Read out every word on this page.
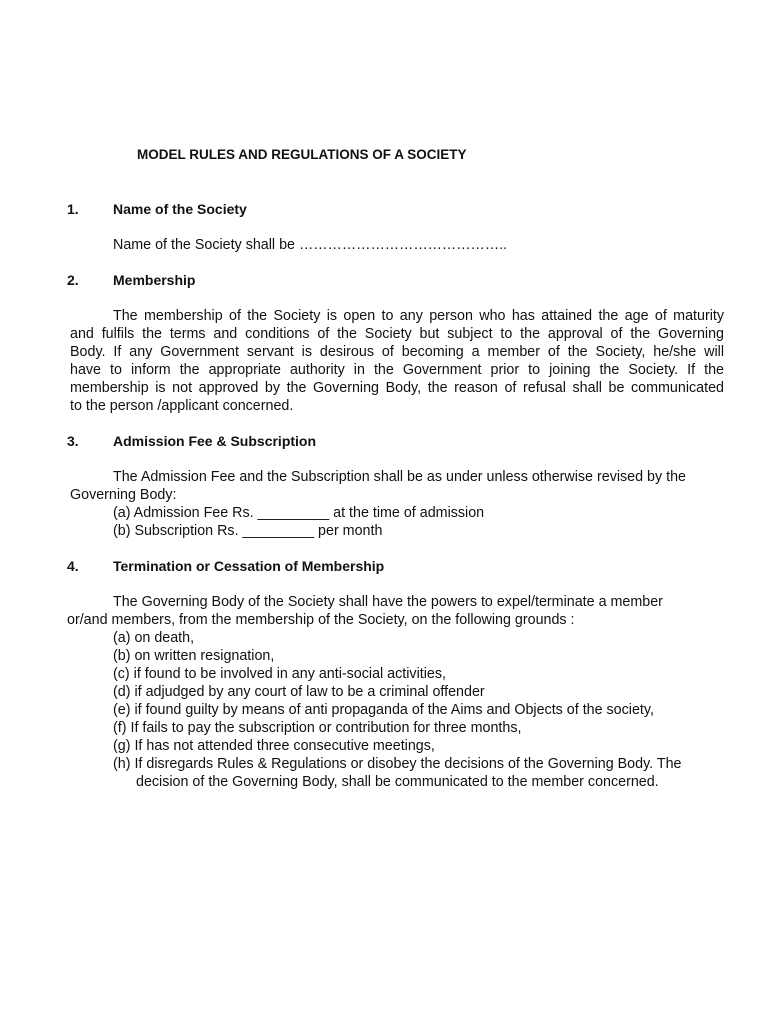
MODEL RULES AND REGULATIONS OF A SOCIETY
1. Name of the Society
Name of the Society shall be ……………………………………..
2. Membership
The membership of the Society is open to any person who has attained the age of maturity
and fulfils the terms and conditions of the Society but subject to the approval of the Governing
Body. If any Government servant is desirous of becoming a member of the Society, he/she will
have to inform the appropriate authority in the Government prior to joining the Society. If the
membership is not approved by the Governing Body, the reason of refusal shall be communicated
to the person /applicant concerned.
3. Admission Fee & Subscription
The Admission Fee and the Subscription shall be as under unless otherwise revised by the
Governing Body:
(a) Admission Fee Rs. _________ at the time of admission
(b) Subscription Rs. _________ per month
4. Termination or Cessation of Membership
The Governing Body of the Society shall have the powers to expel/terminate a member
or/and members, from the membership of the Society, on the following grounds :
(a) on death,
(b) on written resignation,
(c) if found to be involved in any anti-social activities,
(d) if adjudged by any court of law to be a criminal offender
(e) if found guilty by means of anti propaganda of the Aims and Objects of the society,
(f) If fails to pay the subscription or contribution for three months,
(g) If has not attended three consecutive meetings,
(h) If disregards Rules & Regulations or disobey the decisions of the Governing Body. The
decision of the Governing Body, shall be communicated to the member concerned.
